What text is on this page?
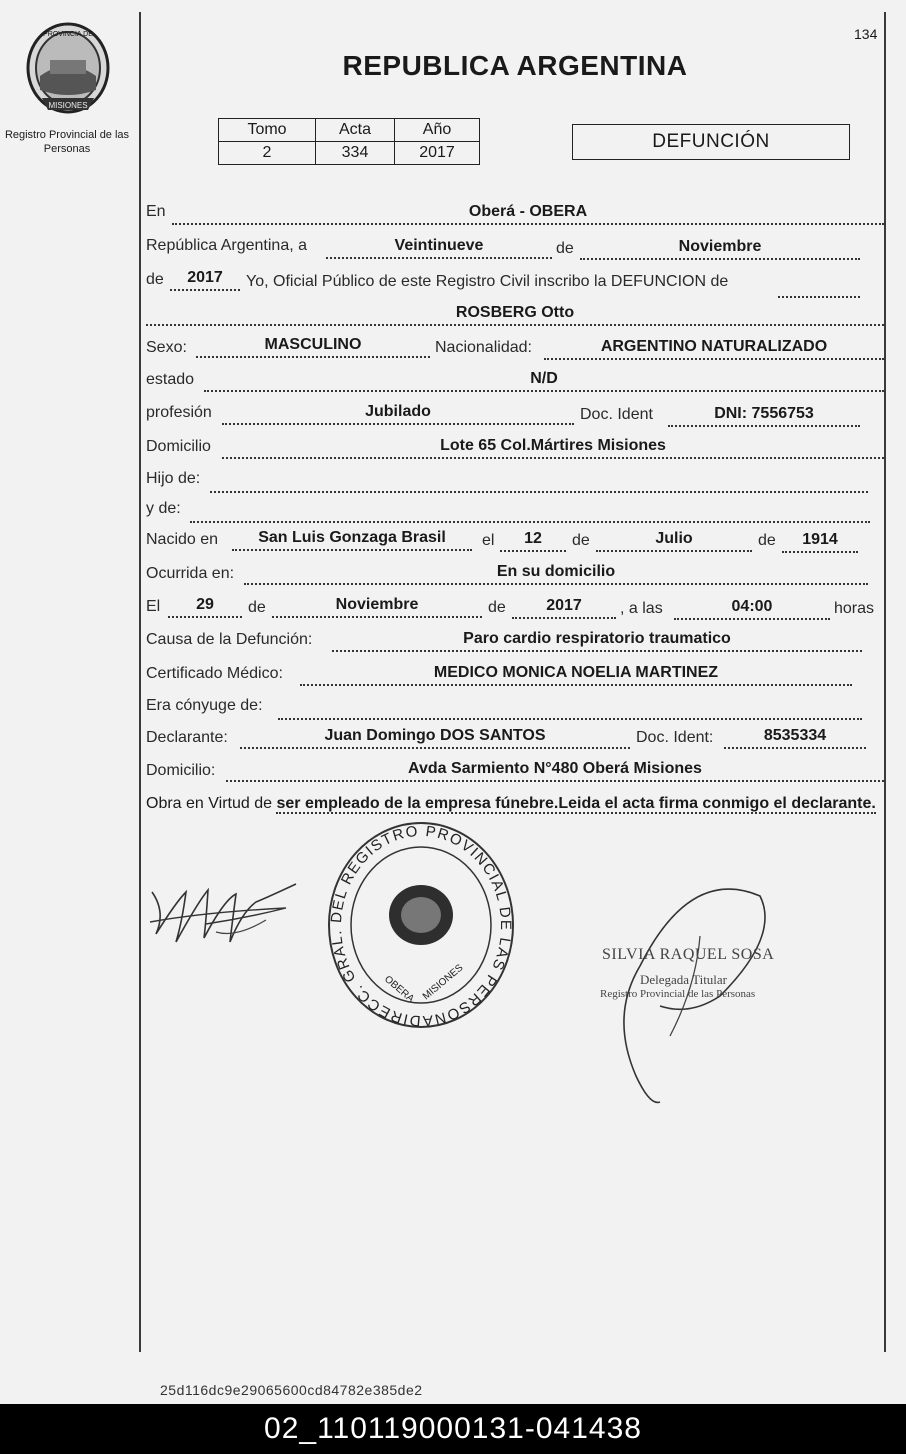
PROVINCIA DE
MISIONES
Registro Provincial de las Personas
134
REPUBLICA ARGENTINA
Tomo	Acta	Año
2	334	2017
DEFUNCIÓN
En	Oberá - OBERA
República Argentina, a	Veintinueve	de	Noviembre
de	2017	Yo, Oficial Público de este Registro Civil inscribo la DEFUNCION de
ROSBERG Otto
Sexo:	MASCULINO	Nacionalidad:	ARGENTINO NATURALIZADO
estado	N/D
profesión	Jubilado	Doc. Ident	DNI: 7556753
Domicilio	Lote 65 Col.Mártires Misiones
Hijo de:
y de:
Nacido en	San Luis Gonzaga Brasil	el	12	de	Julio	de	1914
Ocurrida en:	En su domicilio
El	29	de	Noviembre	de	2017	, a las	04:00	horas
Causa de la Defunción:	Paro cardio respiratorio traumatico
Certificado Médico:	MEDICO MONICA NOELIA MARTINEZ
Era cónyuge de:
Declarante:	Juan Domingo DOS SANTOS	Doc. Ident:	8535334
Domicilio:	Avda Sarmiento N°480 Oberá Misiones
Obra en Virtud de ser empleado de la empresa fúnebre.Leida el acta firma conmigo el declarante.
DIRECC. GRAL. DEL REGISTRO PROVINCIAL DE LAS PERSONA
OBERA MISIONES
SILVIA RAQUEL SOSA
Delegada Titular
Registro Provincial de las Personas
25d116dc9e29065600cd84782e385de2
02_110119000131-041438
